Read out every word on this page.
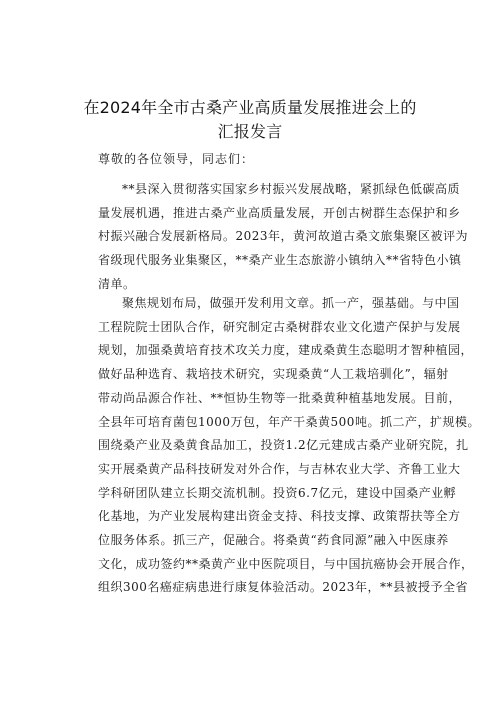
在2024年全市古桑产业高质量发展推进会上的
汇报发言
尊敬的各位领导，同志们：
**县深入贯彻落实国家乡村振兴发展战略，紧抓绿色低碳高质
量发展机遇，推进古桑产业高质量发展，开创古树群生态保护和乡
村振兴融合发展新格局。2023年，黄河故道古桑文旅集聚区被评为
省级现代服务业集聚区，**桑产业生态旅游小镇纳入**省特色小镇
清单。
聚焦规划布局，做强开发利用文章。抓一产，强基础。与中国
工程院院士团队合作，研究制定古桑树群农业文化遗产保护与发展
规划，加强桑黄培育技术攻关力度，建成桑黄生态聪明才智种植园，
做好品种选育、栽培技术研究，实现桑黄“人工栽培驯化”，辐射
带动尚品源合作社、**恒协生物等一批桑黄种植基地发展。目前，
全县年可培育菌包1000万包，年产干桑黄500吨。抓二产，扩规模。
围绕桑产业及桑黄食品加工，投资1.2亿元建成古桑产业研究院，扎
实开展桑黄产品科技研发对外合作，与吉林农业大学、齐鲁工业大
学科研团队建立长期交流机制。投资6.7亿元，建设中国桑产业孵
化基地，为产业发展构建出资金支持、科技支撑、政策帮扶等全方
位服务体系。抓三产，促融合。将桑黄“药食同源”融入中医康养
文化，成功签约**桑黄产业中医院项目，与中国抗癌协会开展合作，
组织300名癌症病患进行康复体验活动。2023年，**县被授予全省
